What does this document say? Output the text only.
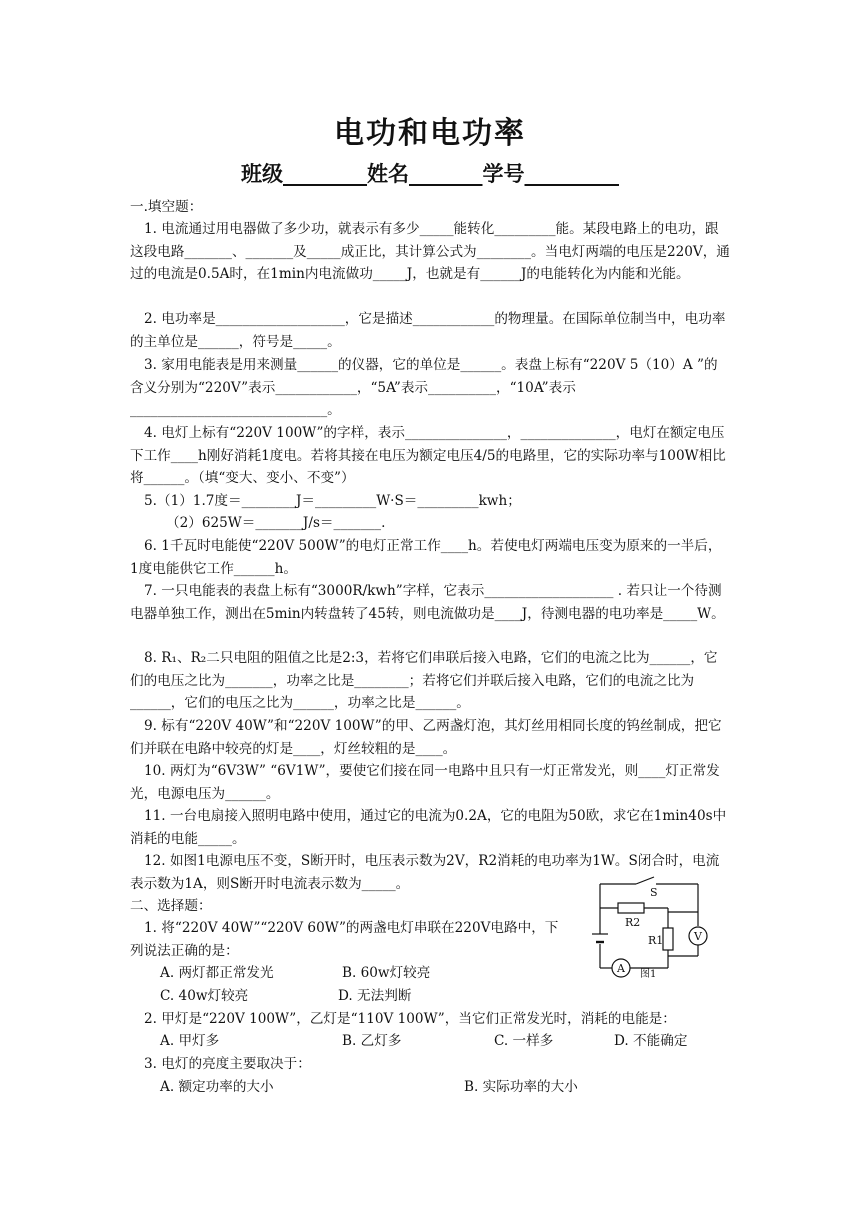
电功和电功率
班级________姓名_______学号_________
一.填空题：
1. 电流通过用电器做了多少功，就表示有多少_____能转化_________能。某段电路上的电功，跟这段电路_______、_______及_____成正比，其计算公式为________。当电灯两端的电压是220V，通过的电流是0.5A时，在1min内电流做功_____J，也就是有______J的电能转化为内能和光能。
2. 电功率是___________________，它是描述____________的物理量。在国际单位制当中，电功率的主单位是______，符号是_____。
3. 家用电能表是用来测量______的仪器，它的单位是______。表盘上标有“220V 5（10）A ”的含义分别为“220V”表示____________，“5A”表示__________，“10A”表示_____________________________。
4. 电灯上标有“220V 100W”的字样，表示_______________，______________，电灯在额定电压下工作____h刚好消耗1度电。若将其接在电压为额定电压4/5的电路里，它的实际功率与100W相比将______。（填“变大、变小、不变”）
5.（1）1.7度＝________J＝_________W·S＝_________kwh；
（2）625W＝_______J/s＝_______.
6. 1千瓦时电能使“220V 500W”的电灯正常工作____h。若使电灯两端电压变为原来的一半后，1度电能供它工作______h。
7. 一只电能表的表盘上标有“3000R/kwh”字样，它表示___________________ . 若只让一个待测电器单独工作，测出在5min内转盘转了45转，则电流做功是____J，待测电器的电功率是_____W。
8. R₁、R₂二只电阻的阻值之比是2:3，若将它们串联后接入电路，它们的电流之比为______，它们的电压之比为_______，功率之比是________；若将它们并联后接入电路，它们的电流之比为______，它们的电压之比为______，功率之比是______。
9. 标有“220V 40W”和“220V 100W”的甲、乙两盏灯泡，其灯丝用相同长度的钨丝制成，把它们并联在电路中较亮的灯是____，灯丝较粗的是____。
10. 两灯为“6V3W” “6V1W”，要使它们接在同一电路中且只有一灯正常发光，则____灯正常发光，电源电压为______。
11. 一台电扇接入照明电路中使用，通过它的电流为0.2A，它的电阻为50欧，求它在1min40s中消耗的电能_____。
12. 如图1电源电压不变，S断开时，电压表示数为2V，R2消耗的电功率为1W。S闭合时，电流表示数为1A，则S断开时电流表示数为_____。
二、选择题：
1. 将“220V 40W”“220V 60W”的两盏电灯串联在220V电路中，下列说法正确的是：
A. 两灯都正常发光	B. 60w灯较亮
C. 40w灯较亮	D. 无法判断
2. 甲灯是“220V 100W”，乙灯是“110V 100W”，当它们正常发光时，消耗的电能是：
A. 甲灯多	B. 乙灯多	C. 一样多	D. 不能确定
3. 电灯的亮度主要取决于：
A. 额定功率的大小	B. 实际功率的大小
S
R2
R1	V
A 图1
